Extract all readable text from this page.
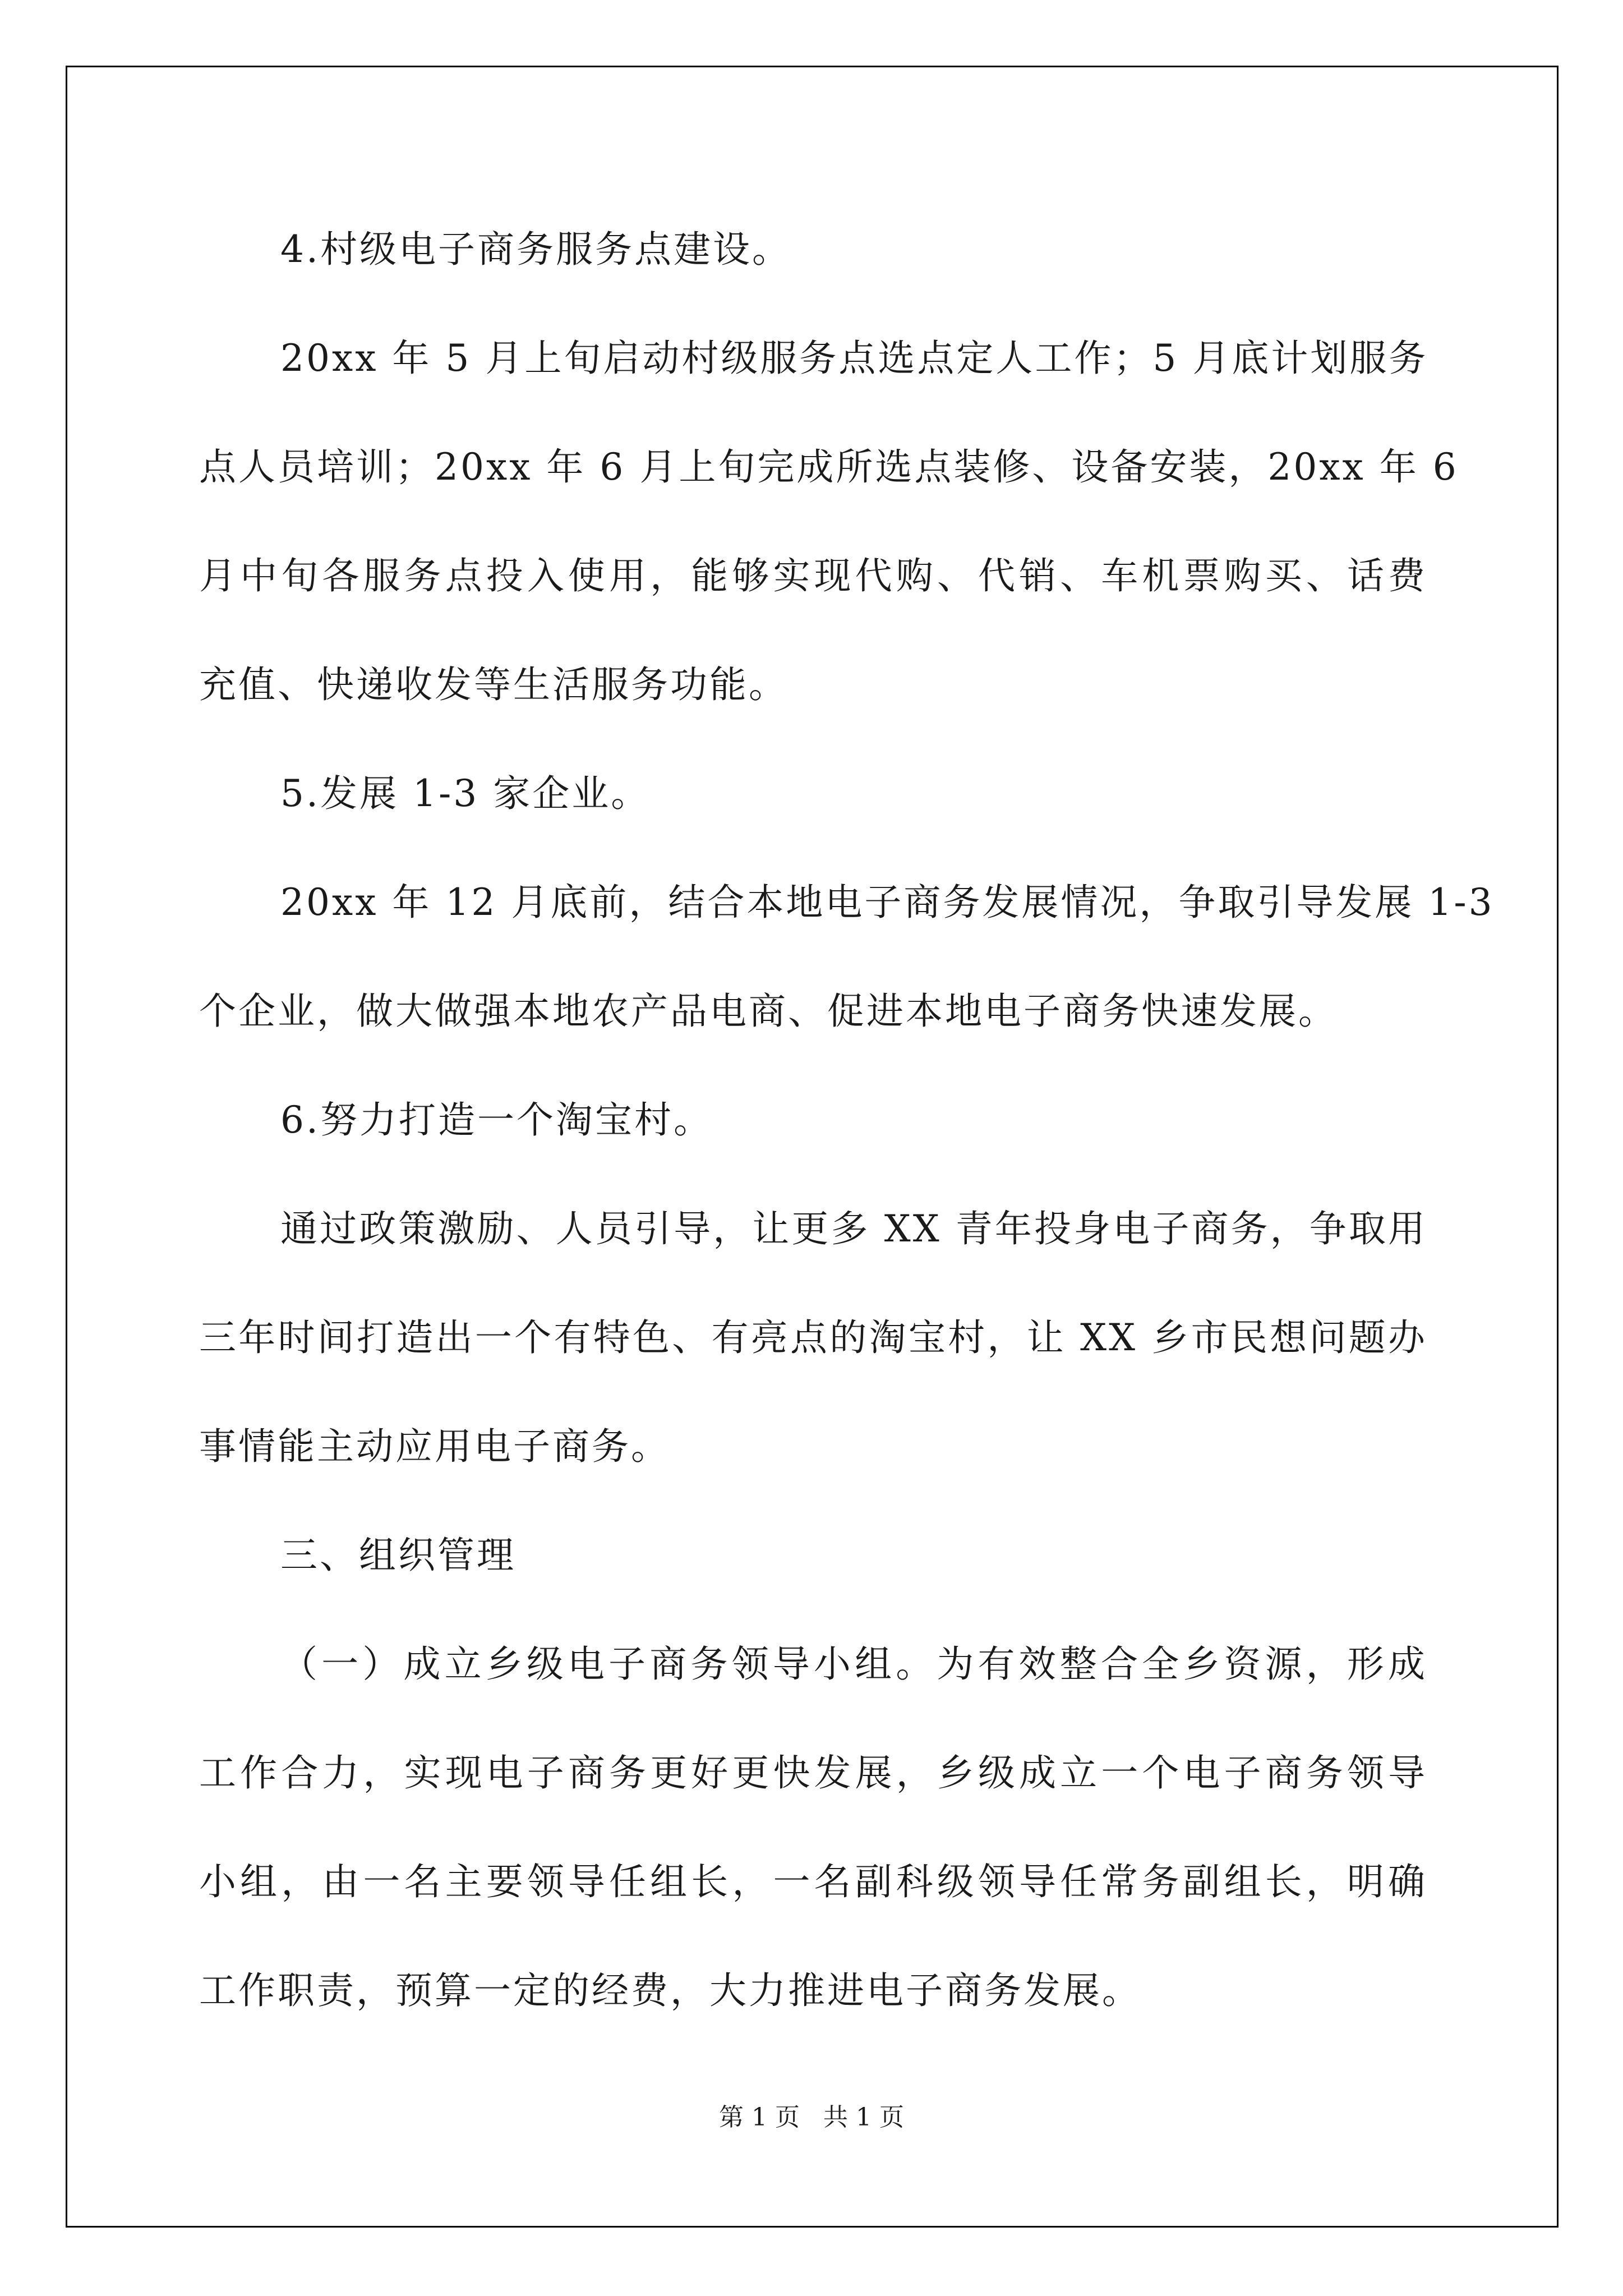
4.村级电子商务服务点建设。
20xx 年 5 月上旬启动村级服务点选点定人工作；5 月底计划服务
点人员培训；20xx 年 6 月上旬完成所选点装修、设备安装，20xx 年 6
月中旬各服务点投入使用，能够实现代购、代销、车机票购买、话费
充值、快递收发等生活服务功能。
5.发展 1-3 家企业。
20xx 年 12 月底前，结合本地电子商务发展情况，争取引导发展 1-3
个企业，做大做强本地农产品电商、促进本地电子商务快速发展。
6.努力打造一个淘宝村。
通过政策激励、人员引导，让更多 XX 青年投身电子商务，争取用
三年时间打造出一个有特色、有亮点的淘宝村，让 XX 乡市民想问题办
事情能主动应用电子商务。
三、组织管理
（一）成立乡级电子商务领导小组。为有效整合全乡资源，形成
工作合力，实现电子商务更好更快发展，乡级成立一个电子商务领导
小组，由一名主要领导任组长，一名副科级领导任常务副组长，明确
工作职责，预算一定的经费，大力推进电子商务发展。
第 1 页   共 1 页
